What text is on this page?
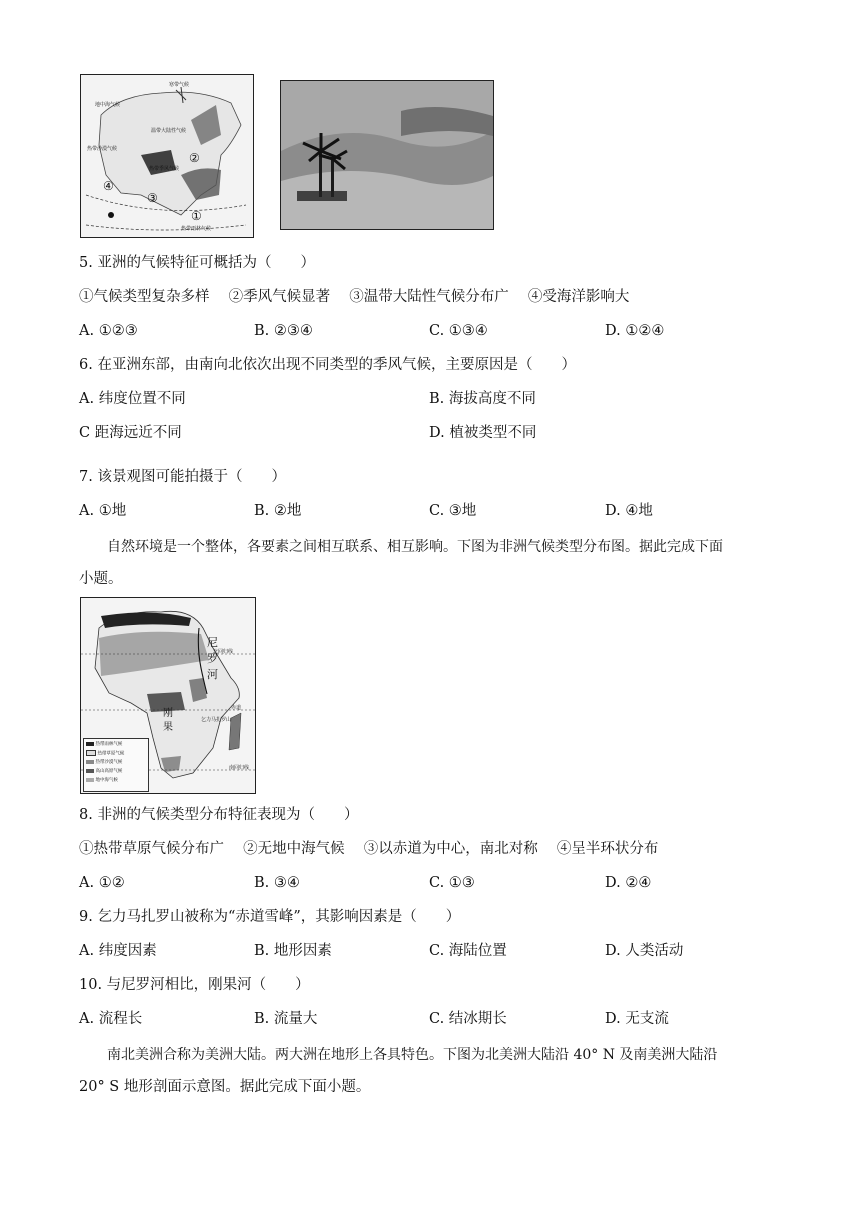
寒带气候
温带大陆性气候
地中海气候
热带季风气候
热带沙漠气候
热带雨林气候
①
②
③
④
5. 亚洲的气候特征可概括为（　　）
①气候类型复杂多样　 ②季风气候显著　 ③温带大陆性气候分布广　 ④受海洋影响大
A. ①②③	B. ②③④	C. ①③④	D. ①②④
6. 在亚洲东部，由南向北依次出现不同类型的季风气候，主要原因是（　　）
A. 纬度位置不同	B. 海拔高度不同
C 距海远近不同	D. 植被类型不同
7. 该景观图可能拍摄于（　　）
A. ①地	B. ②地	C. ③地	D. ④地
自然环境是一个整体，各要素之间相互联系、相互影响。下图为非洲气候类型分布图。据此完成下面
小题。
尼
罗
河
北回归线
赤道
乞力马扎罗山
刚
果
南回归线
热带雨林气候
热带草原气候
热带沙漠气候
高山高原气候
地中海气候
8. 非洲的气候类型分布特征表现为（　　）
①热带草原气候分布广　 ②无地中海气候　 ③以赤道为中心，南北对称　 ④呈半环状分布
A. ①②	B. ③④	C. ①③	D. ②④
9. 乞力马扎罗山被称为“赤道雪峰”，其影响因素是（　　）
A. 纬度因素	B. 地形因素	C. 海陆位置	D. 人类活动
10. 与尼罗河相比，刚果河（　　）
A. 流程长	B. 流量大	C. 结冰期长	D. 无支流
南北美洲合称为美洲大陆。两大洲在地形上各具特色。下图为北美洲大陆沿 40° N 及南美洲大陆沿
20° S 地形剖面示意图。据此完成下面小题。
